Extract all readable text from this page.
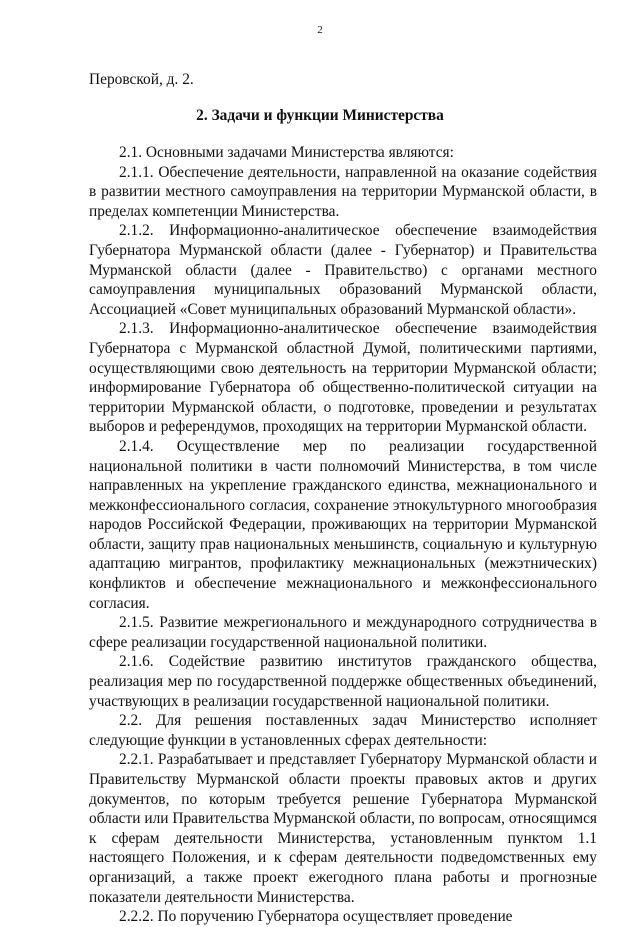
2
Перовской, д. 2.
2. Задачи и функции Министерства

2.1. Основными задачами Министерства являются:

2.1.1. Обеспечение деятельности, направленной на оказание содействия в развитии местного самоуправления на территории Мурманской области, в пределах компетенции Министерства.

2.1.2. Информационно-аналитическое обеспечение взаимодействия Губернатора Мурманской области (далее - Губернатор) и Правительства Мурманской области (далее - Правительство) с органами местного самоуправления муниципальных образований Мурманской области, Ассоциацией «Совет муниципальных образований Мурманской области».

2.1.3. Информационно-аналитическое обеспечение взаимодействия Губернатора с Мурманской областной Думой, политическими партиями, осуществляющими свою деятельность на территории Мурманской области; информирование Губернатора об общественно-политической ситуации на территории Мурманской области, о подготовке, проведении и результатах выборов и референдумов, проходящих на территории Мурманской области.

2.1.4. Осуществление мер по реализации государственной национальной политики в части полномочий Министерства, в том числе направленных на укрепление гражданского единства, межнационального и межконфессионального согласия, сохранение этнокультурного многообразия народов Российской Федерации, проживающих на территории Мурманской области, защиту прав национальных меньшинств, социальную и культурную адаптацию мигрантов, профилактику межнациональных (межэтнических) конфликтов и обеспечение межнационального и межконфессионального согласия.

2.1.5. Развитие межрегионального и международного сотрудничества в сфере реализации государственной национальной политики.

2.1.6. Содействие развитию институтов гражданского общества, реализация мер по государственной поддержке общественных объединений, участвующих в реализации государственной национальной политики.

2.2. Для решения поставленных задач Министерство исполняет следующие функции в установленных сферах деятельности:

2.2.1. Разрабатывает и представляет Губернатору Мурманской области и Правительству Мурманской области проекты правовых актов и других документов, по которым требуется решение Губернатора Мурманской области или Правительства Мурманской области, по вопросам, относящимся к сферам деятельности Министерства, установленным пунктом 1.1 настоящего Положения, и к сферам деятельности подведомственных ему организаций, а также проект ежегодного плана работы и прогнозные показатели деятельности Министерства.

2.2.2. По поручению Губернатора осуществляет проведение
